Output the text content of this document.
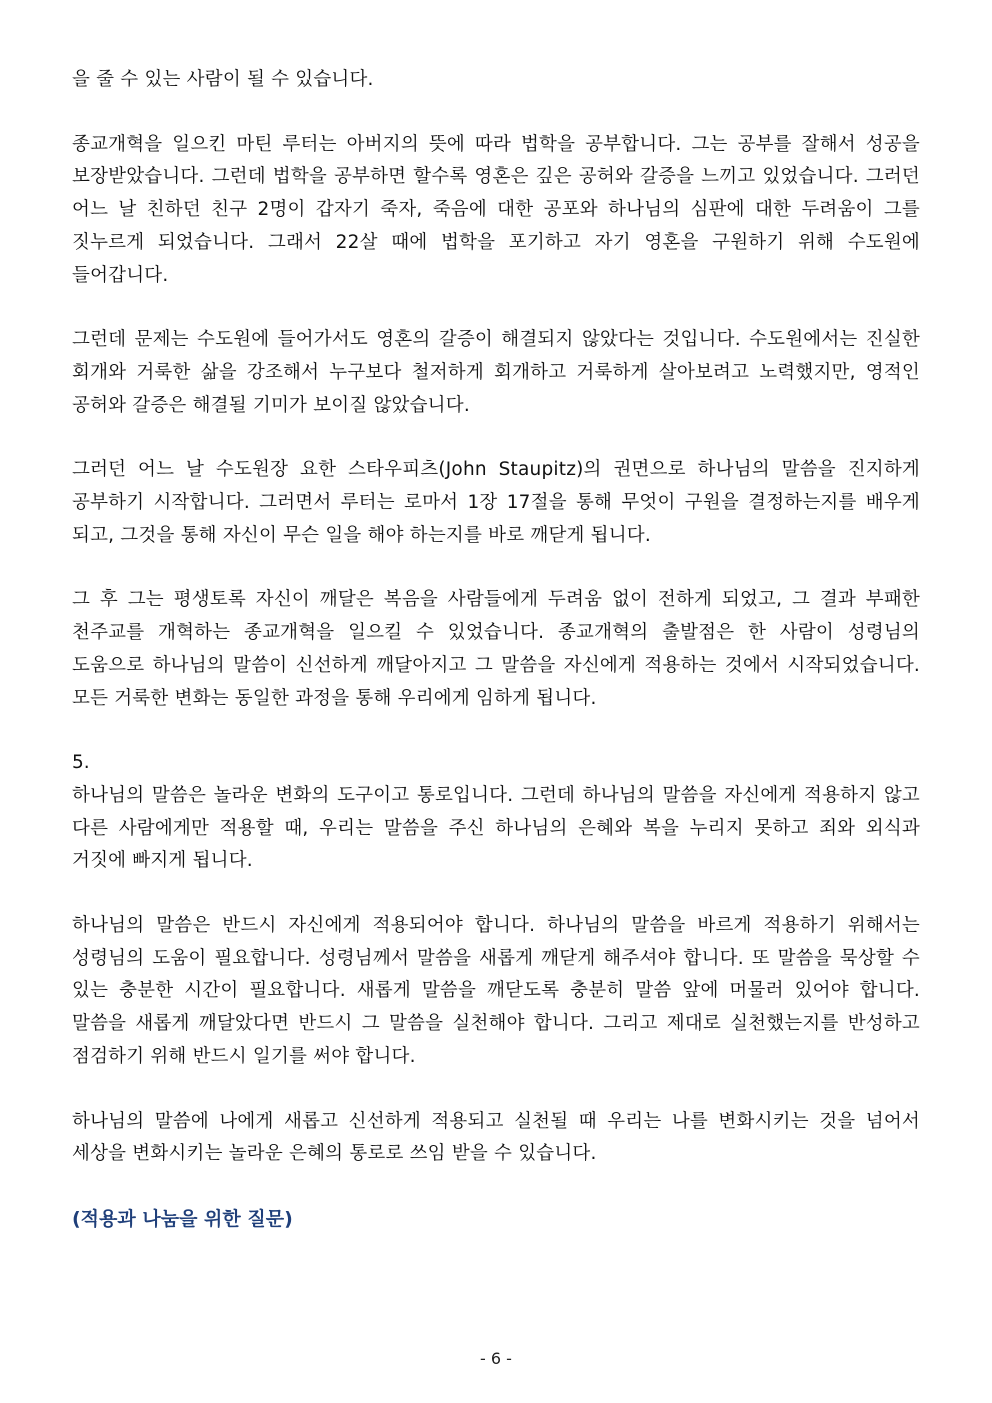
을 줄 수 있는 사람이 될 수 있습니다.

종교개혁을 일으킨 마틴 루터는 아버지의 뜻에 따라 법학을 공부합니다. 그는 공부를 잘해서 성공을 보장받았습니다. 그런데 법학을 공부하면 할수록 영혼은 깊은 공허와 갈증을 느끼고 있었습니다. 그러던 어느 날 친하던 친구 2명이 갑자기 죽자, 죽음에 대한 공포와 하나님의 심판에 대한 두려움이 그를 짓누르게 되었습니다. 그래서 22살 때에 법학을 포기하고 자기 영혼을 구원하기 위해 수도원에 들어갑니다.

그런데 문제는 수도원에 들어가서도 영혼의 갈증이 해결되지 않았다는 것입니다. 수도원에서는 진실한 회개와 거룩한 삶을 강조해서 누구보다 철저하게 회개하고 거룩하게 살아보려고 노력했지만, 영적인 공허와 갈증은 해결될 기미가 보이질 않았습니다.

그러던 어느 날 수도원장 요한 스타우피츠(John Staupitz)의 권면으로 하나님의 말씀을 진지하게 공부하기 시작합니다. 그러면서 루터는 로마서 1장 17절을 통해 무엇이 구원을 결정하는지를 배우게 되고, 그것을 통해 자신이 무슨 일을 해야 하는지를 바로 깨닫게 됩니다.

그 후 그는 평생토록 자신이 깨달은 복음을 사람들에게 두려움 없이 전하게 되었고, 그 결과 부패한 천주교를 개혁하는 종교개혁을 일으킬 수 있었습니다. 종교개혁의 출발점은 한 사람이 성령님의 도움으로 하나님의 말씀이 신선하게 깨달아지고 그 말씀을 자신에게 적용하는 것에서 시작되었습니다. 모든 거룩한 변화는 동일한 과정을 통해 우리에게 임하게 됩니다.

5.

하나님의 말씀은 놀라운 변화의 도구이고 통로입니다. 그런데 하나님의 말씀을 자신에게 적용하지 않고 다른 사람에게만 적용할 때, 우리는 말씀을 주신 하나님의 은혜와 복을 누리지 못하고 죄와 외식과 거짓에 빠지게 됩니다.

하나님의 말씀은 반드시 자신에게 적용되어야 합니다. 하나님의 말씀을 바르게 적용하기 위해서는 성령님의 도움이 필요합니다. 성령님께서 말씀을 새롭게 깨닫게 해주셔야 합니다. 또 말씀을 묵상할 수 있는 충분한 시간이 필요합니다. 새롭게 말씀을 깨닫도록 충분히 말씀 앞에 머물러 있어야 합니다. 말씀을 새롭게 깨달았다면 반드시 그 말씀을 실천해야 합니다. 그리고 제대로 실천했는지를 반성하고 점검하기 위해 반드시 일기를 써야 합니다.

하나님의 말씀에 나에게 새롭고 신선하게 적용되고 실천될 때 우리는 나를 변화시키는 것을 넘어서 세상을 변화시키는 놀라운 은혜의 통로로 쓰임 받을 수 있습니다.

(적용과 나눔을 위한 질문)

- 6 -
